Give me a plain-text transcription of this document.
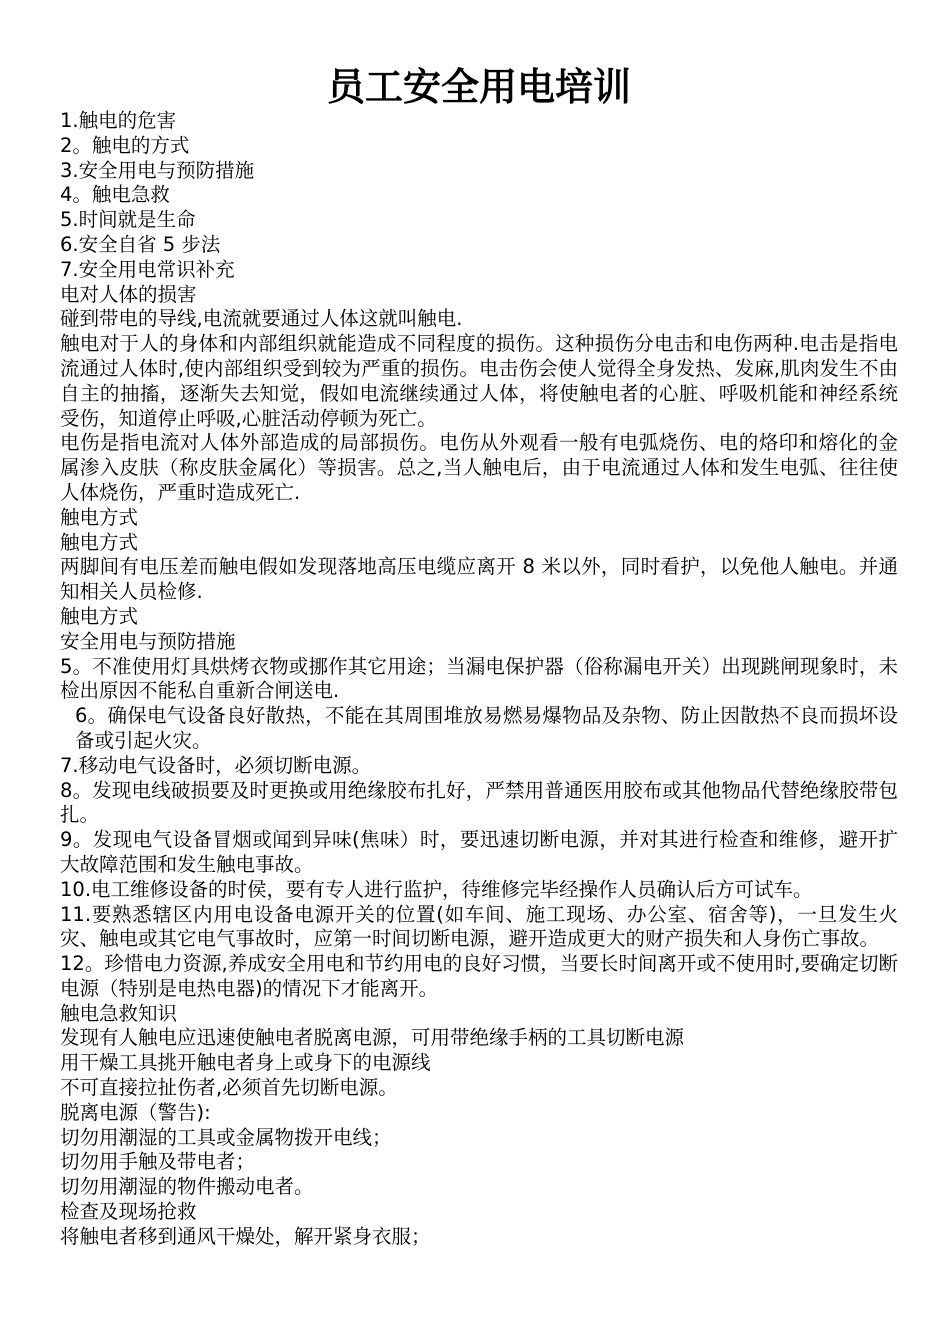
员工安全用电培训
1.触电的危害
2。触电的方式
3.安全用电与预防措施
4。触电急救
5.时间就是生命
6.安全自省 5 步法
7.安全用电常识补充
电对人体的损害
碰到带电的导线,电流就要通过人体这就叫触电.
触电对于人的身体和内部组织就能造成不同程度的损伤。这种损伤分电击和电伤两种.电击是指电流通过人体时,使内部组织受到较为严重的损伤。电击伤会使人觉得全身发热、发麻,肌肉发生不由自主的抽搐，逐渐失去知觉，假如电流继续通过人体，将使触电者的心脏、呼吸机能和神经系统受伤，知道停止呼吸,心脏活动停顿为死亡。
电伤是指电流对人体外部造成的局部损伤。电伤从外观看一般有电弧烧伤、电的烙印和熔化的金属渗入皮肤（称皮肤金属化）等损害。总之,当人触电后，由于电流通过人体和发生电弧、往往使人体烧伤，严重时造成死亡.
触电方式
触电方式
两脚间有电压差而触电假如发现落地高压电缆应离开 8 米以外，同时看护，以免他人触电。并通知相关人员检修.
触电方式
安全用电与预防措施
5。不准使用灯具烘烤衣物或挪作其它用途；当漏电保护器（俗称漏电开关）出现跳闸现象时，未检出原因不能私自重新合闸送电.
6。确保电气设备良好散热，不能在其周围堆放易燃易爆物品及杂物、防止因散热不良而损坏设备或引起火灾。
7.移动电气设备时，必须切断电源。
8。发现电线破损要及时更换或用绝缘胶布扎好，严禁用普通医用胶布或其他物品代替绝缘胶带包扎。
9。发现电气设备冒烟或闻到异味(焦味）时，要迅速切断电源，并对其进行检查和维修，避开扩大故障范围和发生触电事故。
10.电工维修设备的时侯，要有专人进行监护，待维修完毕经操作人员确认后方可试车。
11.要熟悉辖区内用电设备电源开关的位置(如车间、施工现场、办公室、宿舍等)，一旦发生火灾、触电或其它电气事故时，应第一时间切断电源，避开造成更大的财产损失和人身伤亡事故。
12。珍惜电力资源,养成安全用电和节约用电的良好习惯，当要长时间离开或不使用时,要确定切断电源（特别是电热电器)的情况下才能离开。
触电急救知识
发现有人触电应迅速使触电者脱离电源，可用带绝缘手柄的工具切断电源
用干燥工具挑开触电者身上或身下的电源线
不可直接拉扯伤者,必须首先切断电源。
脱离电源（警告):
切勿用潮湿的工具或金属物拨开电线；
切勿用手触及带电者；
切勿用潮湿的物件搬动电者。
检查及现场抢救
将触电者移到通风干燥处，解开紧身衣服；
